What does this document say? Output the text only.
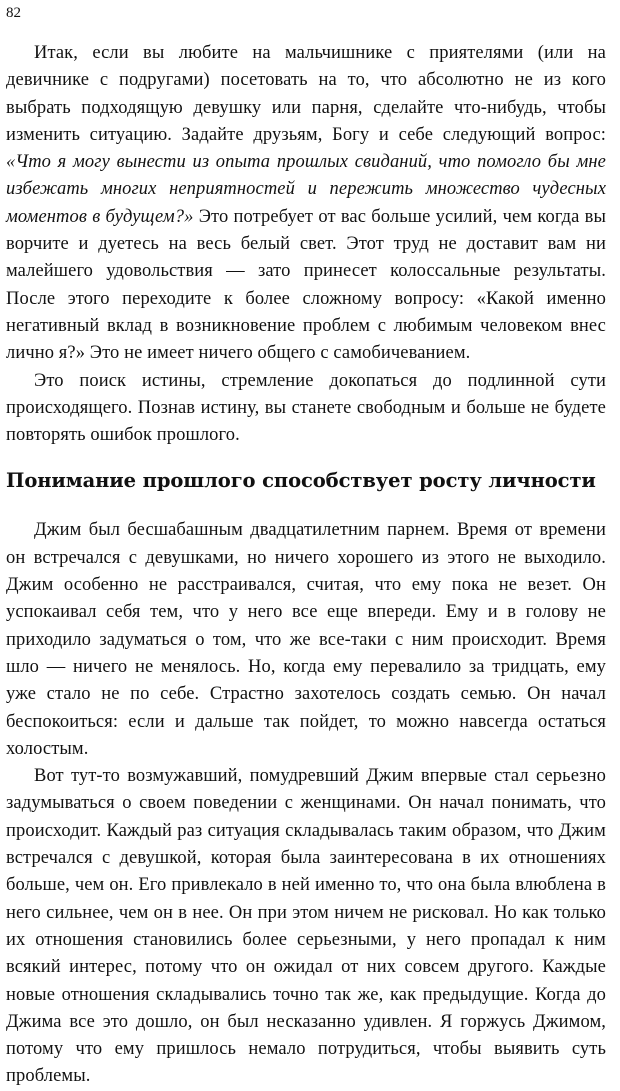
82

Итак, если вы любите на мальчишнике с приятелями (или на девичнике с подругами) посетовать на то, что абсолютно не из кого выбрать подходящую девушку или парня, сделайте что-нибудь, чтобы изменить ситуацию. Задайте друзьям, Богу и себе следующий вопрос: «Что я могу вынести из опыта прошлых свиданий, что помогло бы мне избежать многих неприятностей и пережить множество чудесных моментов в будущем?» Это потребует от вас больше усилий, чем когда вы ворчите и дуетесь на весь белый свет. Этот труд не доставит вам ни малейшего удовольствия — зато принесет колоссальные результаты. После этого переходите к более сложному вопросу: «Какой именно негативный вклад в возникновение проблем с любимым человеком внес лично я?» Это не имеет ничего общего с самобичеванием.

Это поиск истины, стремление докопаться до подлинной сути происходящего. Познав истину, вы станете свободным и больше не будете повторять ошибок прошлого.

Понимание прошлого способствует росту личности

Джим был бесшабашным двадцатилетним парнем. Время от времени он встречался с девушками, но ничего хорошего из этого не выходило. Джим особенно не расстраивался, считая, что ему пока не везет. Он успокаивал себя тем, что у него все еще впереди. Ему и в голову не приходило задуматься о том, что же все-таки с ним происходит. Время шло — ничего не менялось. Но, когда ему перевалило за тридцать, ему уже стало не по себе. Страстно захотелось создать семью. Он начал беспокоиться: если и дальше так пойдет, то можно навсегда остаться холостым.

Вот тут-то возмужавший, помудревший Джим впервые стал серьезно задумываться о своем поведении с женщинами. Он начал понимать, что происходит. Каждый раз ситуация складывалась таким образом, что Джим встречался с девушкой, которая была заинтересована в их отношениях больше, чем он. Его привлекало в ней именно то, что она была влюблена в него сильнее, чем он в нее. Он при этом ничем не рисковал. Но как только их отношения становились более серьезными, у него пропадал к ним всякий интерес, потому что он ожидал от них совсем другого. Каждые новые отношения складывались точно так же, как предыдущие. Когда до Джима все это дошло, он был несказанно удивлен. Я горжусь Джимом, потому что ему пришлось немало потрудиться, чтобы выявить суть проблемы.
